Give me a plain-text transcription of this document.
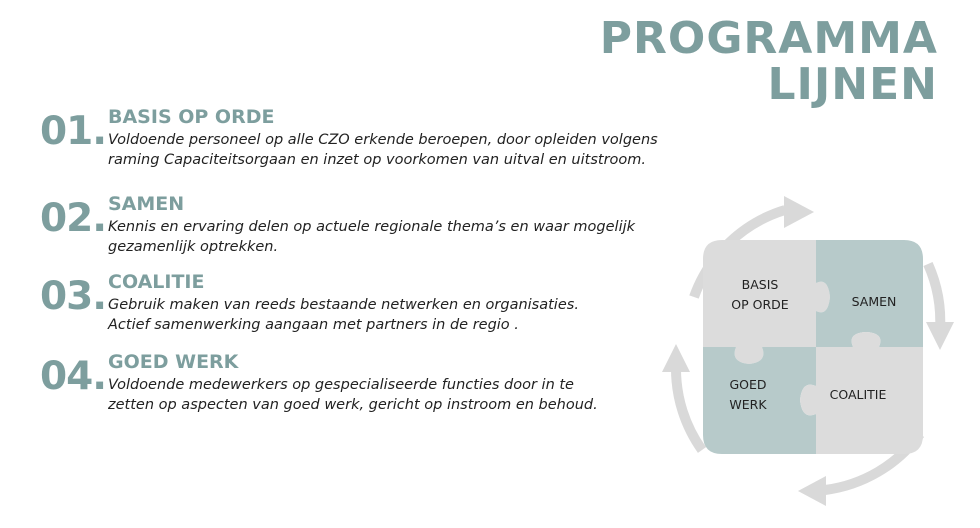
PROGRAMMA
LIJNEN
01. BASIS OP ORDE
Voldoende personeel op alle CZO erkende beroepen, door opleiden volgens
raming Capaciteitsorgaan en inzet op voorkomen van uitval en uitstroom.
02. SAMEN
Kennis en ervaring delen op actuele regionale thema’s en waar mogelijk
gezamenlijk optrekken.
03. COALITIE
Gebruik maken van reeds bestaande netwerken en organisaties.
Actief samenwerking aangaan met partners in de regio .
04. GOED WERK
Voldoende medewerkers op gespecialiseerde functies door in te
zetten op aspecten van goed werk, gericht op instroom en behoud.
BASIS
OP ORDE	SAMEN
GOED
WERK
COALITIE
